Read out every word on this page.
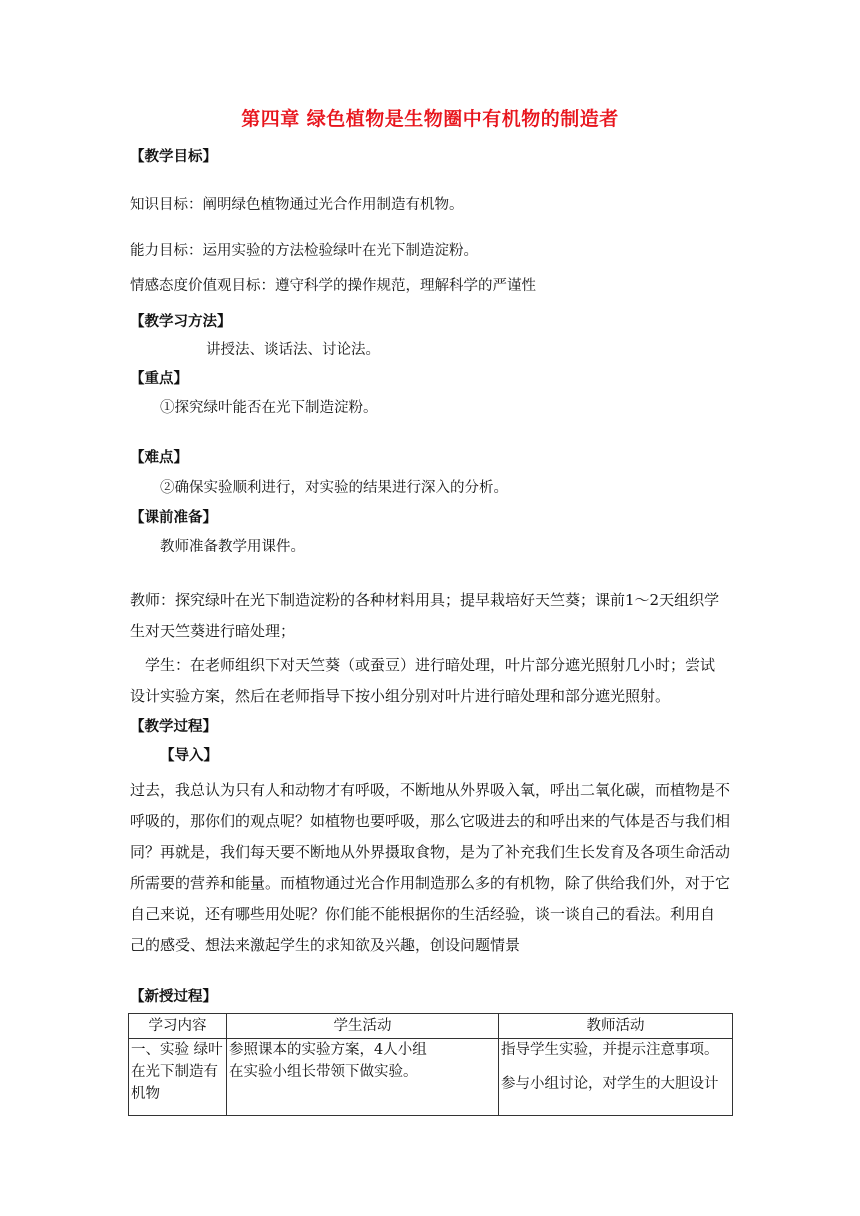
第四章 绿色植物是生物圈中有机物的制造者
【教学目标】
知识目标：阐明绿色植物通过光合作用制造有机物。
能力目标：运用实验的方法检验绿叶在光下制造淀粉。
情感态度价值观目标：遵守科学的操作规范，理解科学的严谨性
【教学习方法】
讲授法、谈话法、讨论法。
【重点】
①探究绿叶能否在光下制造淀粉。
【难点】
②确保实验顺利进行，对实验的结果进行深入的分析。
【课前准备】
教师准备教学用课件。

教师：探究绿叶在光下制造淀粉的各种材料用具；提早栽培好天竺葵；课前1～2天组织学

生对天竺葵进行暗处理；

学生：在老师组织下对天竺葵（或蚕豆）进行暗处理，叶片部分遮光照射几小时；尝试

设计实验方案，然后在老师指导下按小组分别对叶片进行暗处理和部分遮光照射。

【教学过程】
【导入】

过去，我总认为只有人和动物才有呼吸，不断地从外界吸入氧，呼出二氧化碳，而植物是不

呼吸的，那你们的观点呢？如植物也要呼吸，那么它吸进去的和呼出来的气体是否与我们相

同？再就是，我们每天要不断地从外界摄取食物，是为了补充我们生长发育及各项生命活动

所需要的营养和能量。而植物通过光合作用制造那么多的有机物，除了供给我们外，对于它

自己来说，还有哪些用处呢？你们能不能根据你的生活经验，谈一谈自己的看法。利用自

己的感受、想法来激起学生的求知欲及兴趣，创设问题情景

【新授过程】
学习内容	学生活动	教师活动

一、实验 绿叶
在光下制造有
机物	参照课本的实验方案，4人小组
在实验小组长带领下做实验。	指导学生实验，并提示注意事项。
参与小组讨论，对学生的大胆设计
